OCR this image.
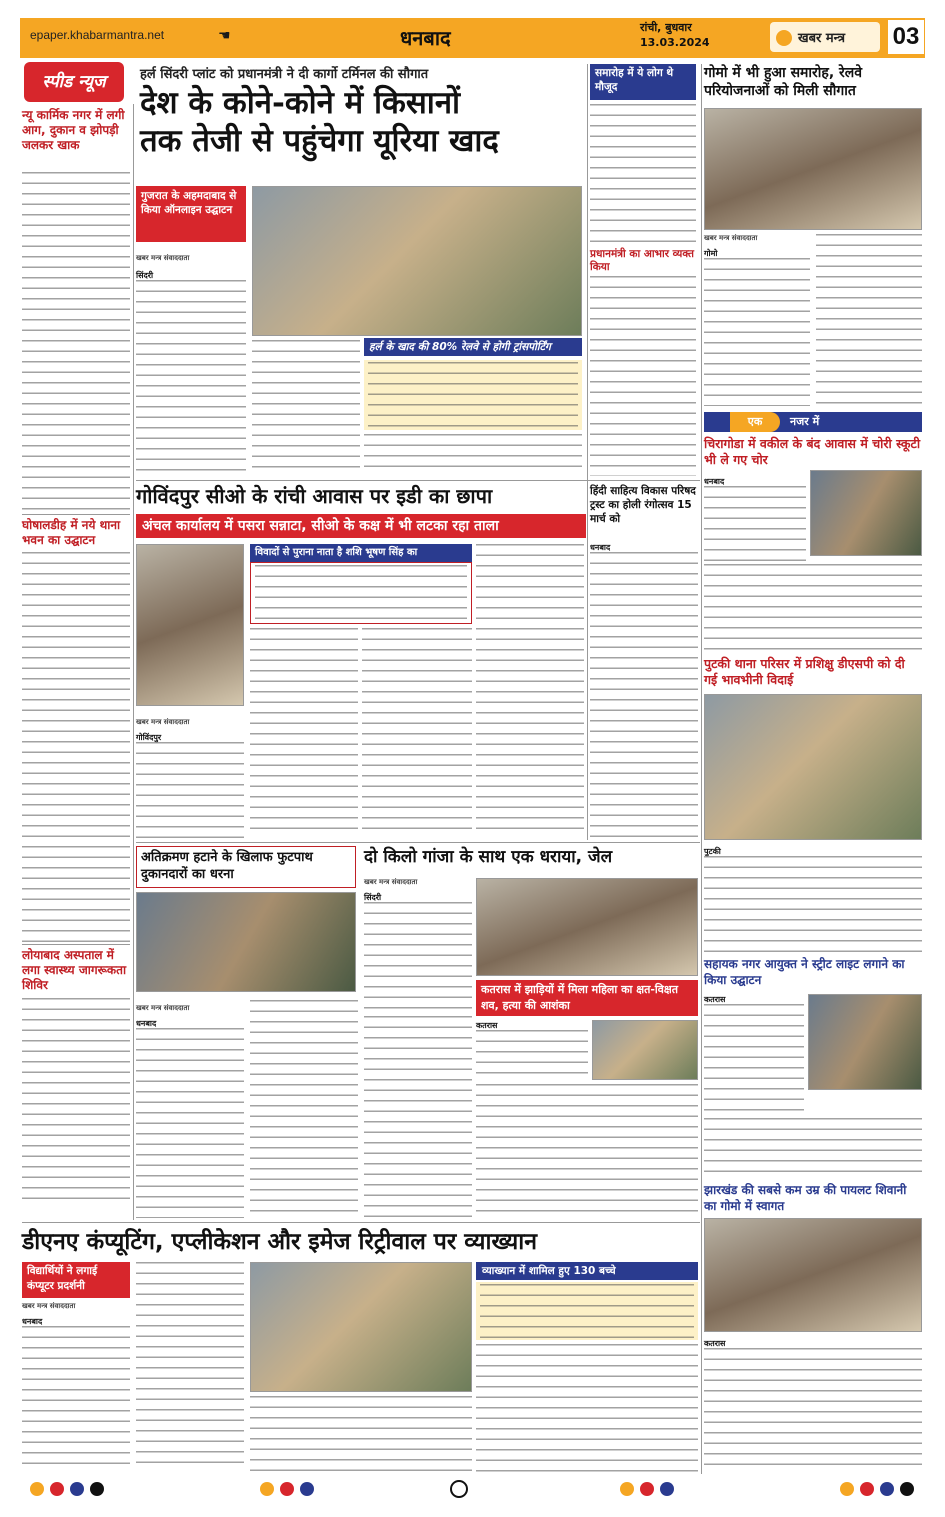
epaper.khabarmantra.net	☚	धनबाद	रांची, बुधवार
13.03.2024	खबर मन्त्र	03
स्पीड न्यूज
न्यू कार्मिक नगर में लगी आग, दुकान व झोपड़ी जलकर खाक
घोषालडीह में नये थाना भवन का उद्घाटन
लोयाबाद अस्पताल में लगा स्वास्थ्य जागरूकता शिविर
हर्ल सिंदरी प्लांट को प्रधानमंत्री ने दी कार्गो टर्मिनल की सौगात
देश के कोने-कोने में किसानों
तक तेजी से पहुंचेगा यूरिया खाद
गुजरात के अहमदाबाद से किया ऑनलाइन उद्घाटन
खबर मन्त्र संवाददाता
सिंदरी
हर्ल के खाद की 80% रेलवे से होगी ट्रांसपोर्टिंग
समारोह में ये लोग थे मौजूद
प्रधानमंत्री का आभार व्यक्त किया
गोमो में भी हुआ समारोह, रेलवे परियोजनाओं को मिली सौगात
खबर मन्त्र संवाददाता
गोमो
एक	नजर में
चिरागोडा में वकील के बंद आवास में चोरी स्कूटी भी ले गए चोर
धनबाद
गोविंदपुर सीओ के रांची आवास पर इडी का छापा
अंचल कार्यालय में पसरा सन्नाटा, सीओ के कक्ष में भी लटका रहा ताला
विवादों से पुराना नाता है शशि भूषण सिंह का
खबर मन्त्र संवाददाता
गोविंदपुर
हिंदी साहित्य विकास परिषद ट्रस्ट का होली रंगोत्सव 15 मार्च को
धनबाद
पुटकी थाना परिसर में प्रशिक्षु डीएसपी को दी गई भावभीनी विदाई
पुटकी
अतिक्रमण हटाने के खिलाफ फुटपाथ दुकानदारों का धरना
खबर मन्त्र संवाददाता
धनबाद
दो किलो गांजा के साथ एक धराया, जेल
खबर मन्त्र संवाददाता
सिंदरी
कतरास में झाड़ियों में मिला महिला का क्षत-विक्षत शव, हत्या की आशंका
कतरास
सहायक नगर आयुक्त ने स्ट्रीट लाइट लगाने का किया उद्घाटन
कतरास
झारखंड की सबसे कम उम्र की पायलट शिवानी का गोमो में स्वागत
कतरास
डीएनए कंप्यूटिंग, एप्लीकेशन और इमेज रिट्रीवाल पर व्याख्यान
विद्यार्थियों ने लगाई कंप्यूटर प्रदर्शनी
खबर मन्त्र संवाददाता
धनबाद
व्याख्यान में शामिल हुए 130 बच्चे
